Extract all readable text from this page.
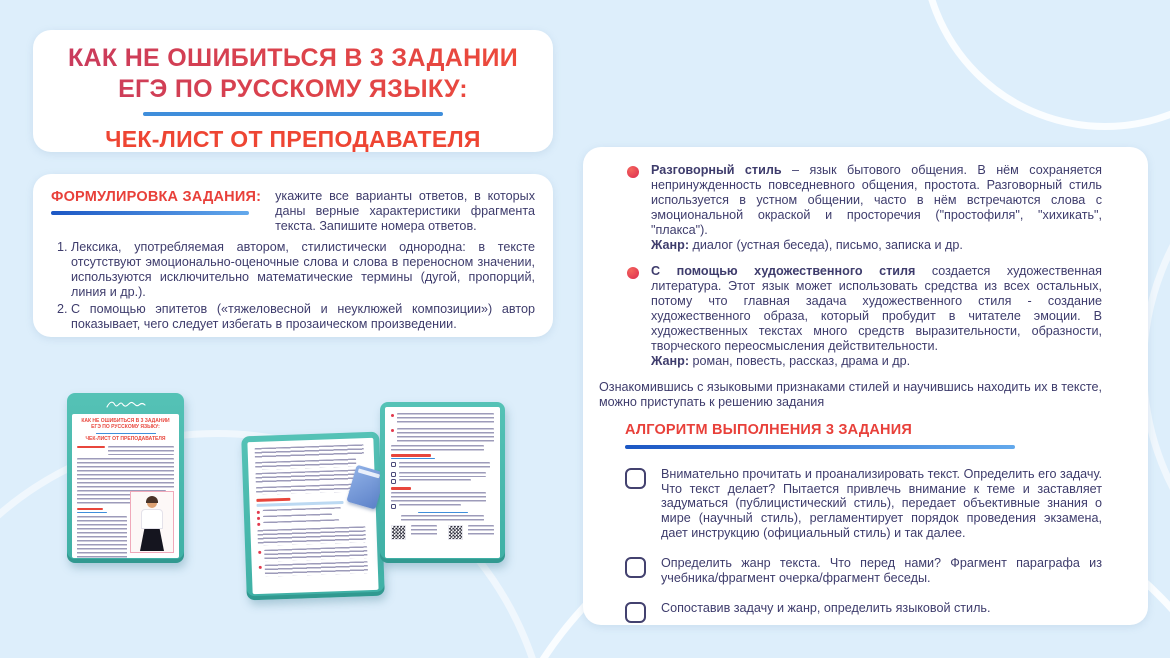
КАК НЕ ОШИБИТЬСЯ В 3 ЗАДАНИИ
ЕГЭ ПО РУССКОМУ ЯЗЫКУ:
ЧЕК-ЛИСТ ОТ ПРЕПОДАВАТЕЛЯ
ФОРМУЛИРОВКА ЗАДАНИЯ: укажите все варианты ответов, в которых даны верные характеристики фрагмента текста. Запишите номера ответов.

1. Лексика, употребляемая автором, стилистически однородна: в тексте отсутствуют эмоционально-оценочные слова и слова в переносном значении, используются исключительно математические термины (дугой, пропорций, линия и др.).
2. С помощью эпитетов («тяжеловесной и неуклюжей композиции») автор показывает, чего следует избегать в прозаическом произведении.

Разговорный стиль – язык бытового общения. В нём сохраняется непринужденность повседневного общения, простота. Разговорный стиль используется в устном общении, часто в нём встречаются слова с эмоциональной окраской и просторечия ("простофиля", "хихикать", "плакса").
Жанр: диалог (устная беседа), письмо, записка и др.

С помощью художественного стиля создается художественная литература. Этот язык может использовать средства из всех остальных, потому что главная задача художественного стиля - создание художественного образа, который пробудит в читателе эмоции. В художественных текстах много средств выразительности, образности, творческого переосмысления действительности.
Жанр: роман, повесть, рассказ, драма и др.

Ознакомившись с языковыми признаками стилей и научившись находить их в тексте, можно приступать к решению задания

АЛГОРИТМ ВЫПОЛНЕНИЯ 3 ЗАДАНИЯ

Внимательно прочитать и проанализировать текст. Определить его задачу. Что текст делает? Пытается привлечь внимание к теме и заставляет задуматься (публицистический стиль), передает объективные знания о мире (научный стиль), регламентирует порядок проведения экзамена, дает инструкцию (официальный стиль) и так далее.

Определить жанр текста. Что перед нами? Фрагмент параграфа из учебника/фрагмент очерка/фрагмент беседы.

Сопоставив задачу и жанр, определить языковой стиль.

КАК НЕ ОШИБИТЬСЯ В 3 ЗАДАНИИ
ЕГЭ ПО РУССКОМУ ЯЗЫКУ:

ЧЕК-ЛИСТ ОТ ПРЕПОДАВАТЕЛЯ
